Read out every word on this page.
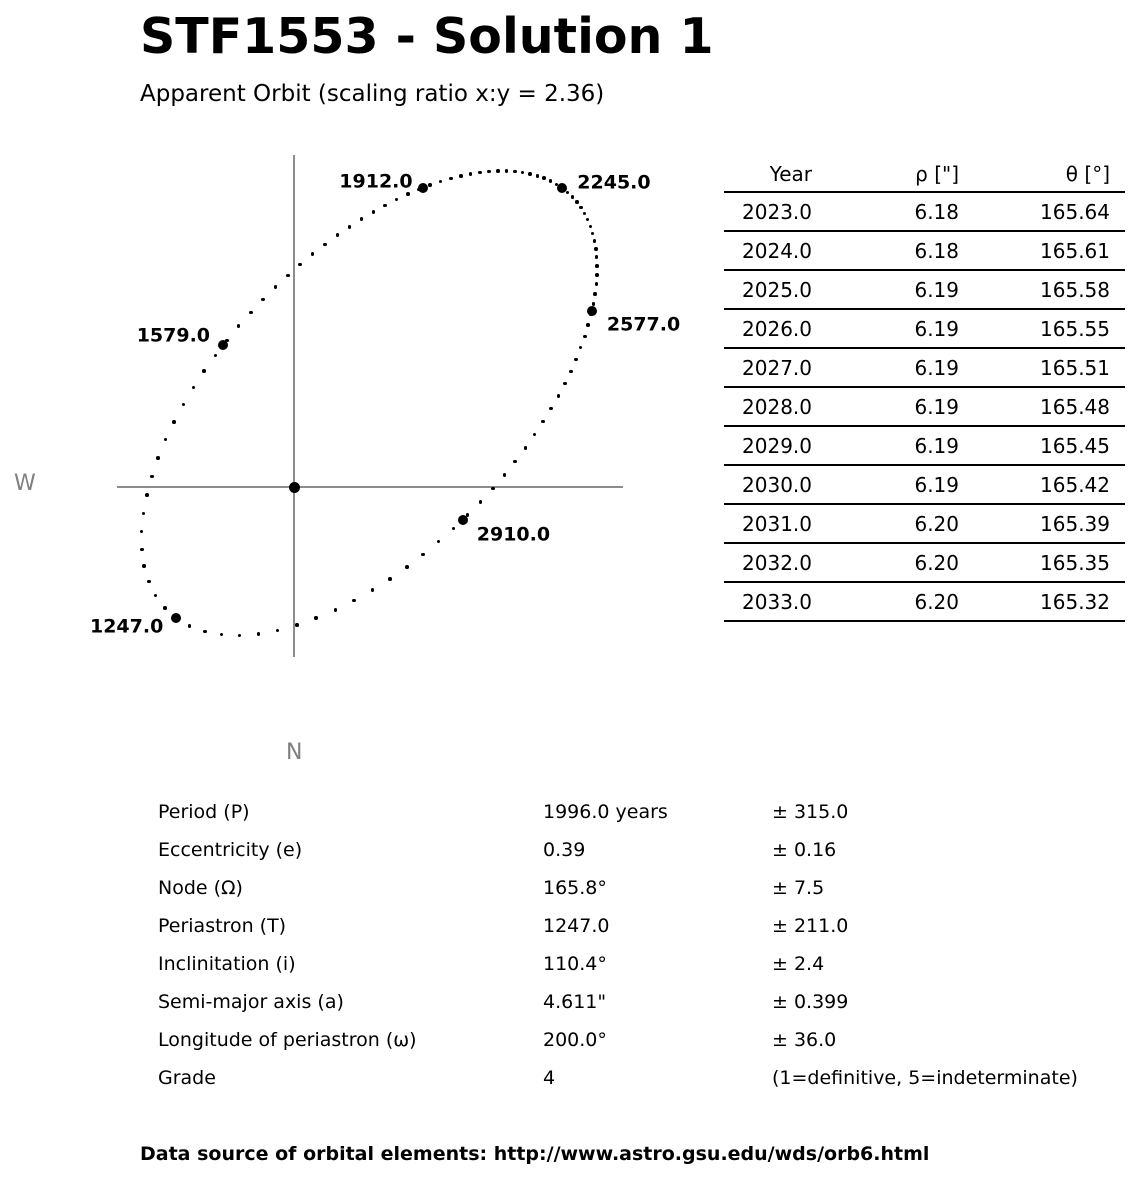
STF1553 - Solution 1
Apparent Orbit (scaling ratio x:y = 2.36)
W
N
1247.0
1579.0
1912.0	2245.0
2577.0
2910.0
Year	ρ ["]	θ [°]
2023.0	6.18	165.64
2024.0	6.18	165.61
2025.0	6.19	165.58
2026.0	6.19	165.55
2027.0	6.19	165.51
2028.0	6.19	165.48
2029.0	6.19	165.45
2030.0	6.19	165.42
2031.0	6.20	165.39
2032.0	6.20	165.35
2033.0	6.20	165.32
Period (P)	1996.0 years	± 315.0
Eccentricity (e)	0.39	± 0.16
Node (Ω)	165.8°	± 7.5
Periastron (T)	1247.0	± 211.0
Inclinitation (i)	110.4°	± 2.4
Semi-major axis (a)	4.611"	± 0.399
Longitude of periastron (ω)	200.0°	± 36.0
Grade	4	(1=definitive, 5=indeterminate)
Data source of orbital elements: http://www.astro.gsu.edu/wds/orb6.html
